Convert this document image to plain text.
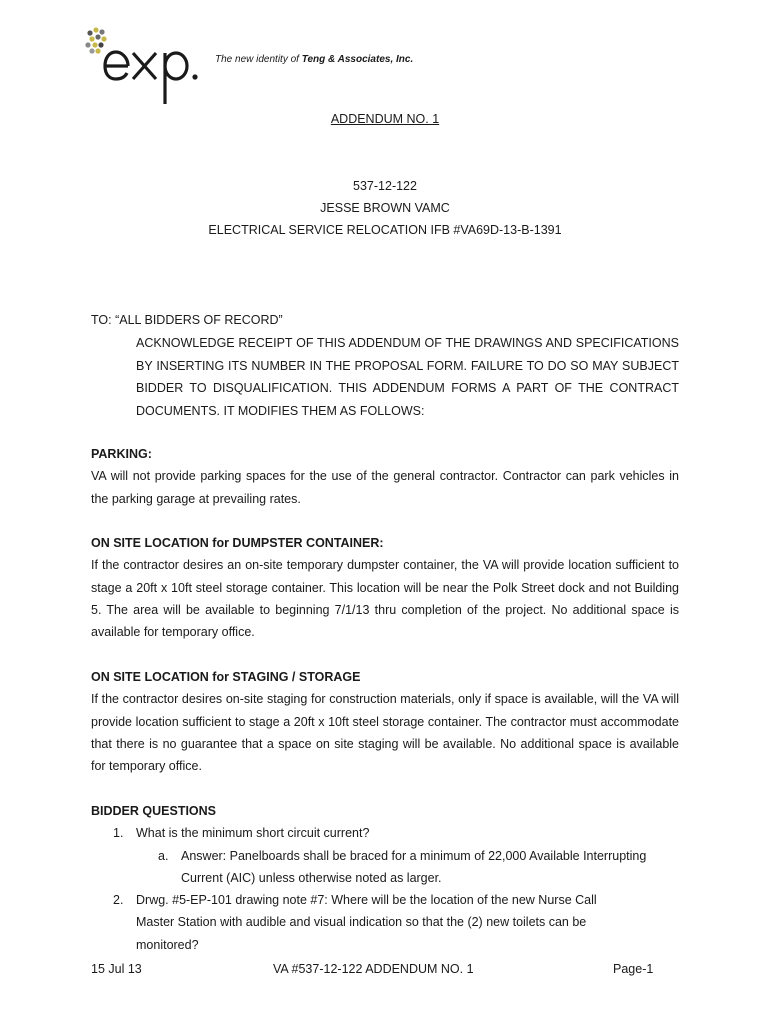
The new identity of Teng & Associates, Inc.
ADDENDUM NO. 1
537-12-122
JESSE BROWN VAMC
ELECTRICAL SERVICE RELOCATION IFB #VA69D-13-B-1391
TO: “ALL BIDDERS OF RECORD”
ACKNOWLEDGE RECEIPT OF THIS ADDENDUM OF THE DRAWINGS AND SPECIFICATIONS BY INSERTING ITS NUMBER IN THE PROPOSAL FORM. FAILURE TO DO SO MAY SUBJECT BIDDER TO DISQUALIFICATION. THIS ADDENDUM FORMS A PART OF THE CONTRACT DOCUMENTS. IT MODIFIES THEM AS FOLLOWS:
PARKING:
VA will not provide parking spaces for the use of the general contractor. Contractor can park vehicles in the parking garage at prevailing rates.
ON SITE LOCATION for DUMPSTER CONTAINER:
If the contractor desires an on-site temporary dumpster container, the VA will provide location sufficient to stage a 20ft x 10ft steel storage container. This location will be near the Polk Street dock and not Building 5. The area will be available to beginning 7/1/13 thru completion of the project. No additional space is available for temporary office.
ON SITE LOCATION for STAGING / STORAGE
If the contractor desires on-site staging for construction materials, only if space is available, will the VA will provide location sufficient to stage a 20ft x 10ft steel storage container. The contractor must accommodate that there is no guarantee that a space on site staging will be available. No additional space is available for temporary office.
BIDDER QUESTIONS
1. What is the minimum short circuit current?
a. Answer: Panelboards shall be braced for a minimum of 22,000 Available Interrupting Current (AIC) unless otherwise noted as larger.
2. Drwg. #5-EP-101 drawing note #7: Where will be the location of the new Nurse Call Master Station with audible and visual indication so that the (2) new toilets can be monitored?
15 Jul 13	VA #537-12-122 ADDENDUM NO. 1	Page-1
